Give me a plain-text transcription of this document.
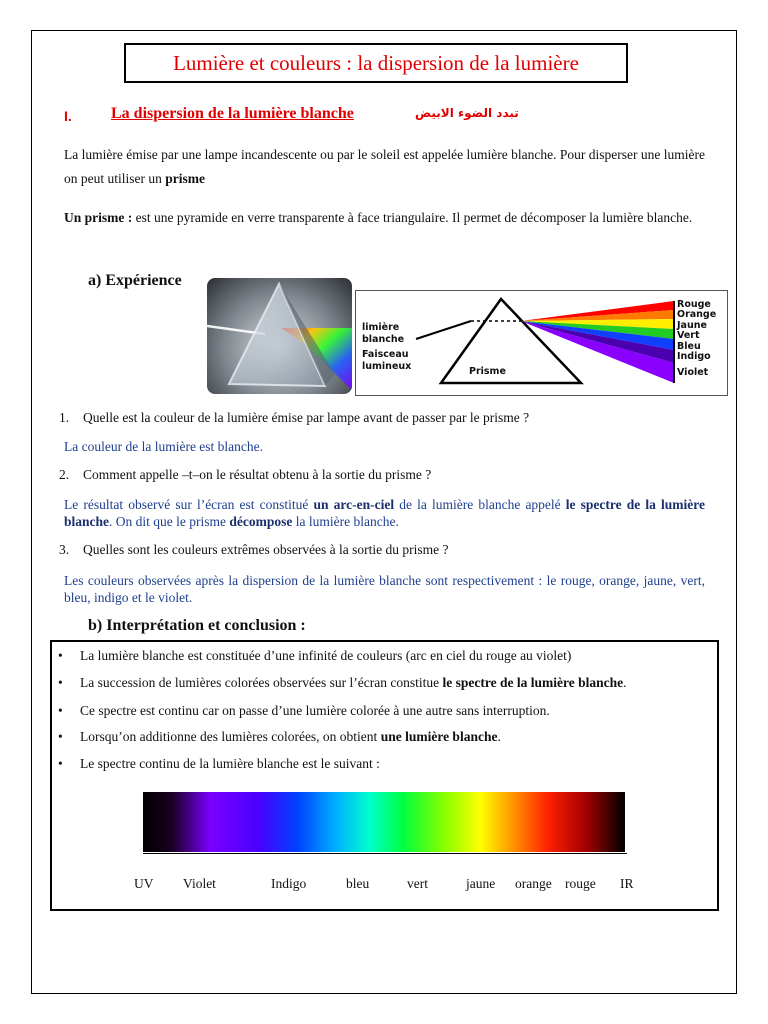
Lumière et couleurs : la dispersion de la lumière
I. La dispersion de la lumière blanche	تبدد الضوء الابيض
La lumière émise par une lampe incandescente ou par le soleil est appelée lumière blanche. Pour disperser une lumière on peut utiliser un prisme
Un prisme : est une pyramide en verre transparente à face triangulaire. Il permet de décomposer la lumière blanche.
a) Expérience
limière blanche
Faisceau lumineux	Prisme
Rouge
Orange
Jaune
Vert
Bleu
Indigo
Violet
1. Quelle est la couleur de la lumière émise par lampe avant de passer par le prisme ?
La couleur de la lumière est blanche.
2. Comment appelle –t–on le résultat obtenu à la sortie du prisme ?
Le résultat observé sur l’écran est constitué un arc-en-ciel de la lumière blanche appelé le spectre de la lumière blanche. On dit que le prisme décompose la lumière blanche.
3. Quelles sont les couleurs extrêmes observées à la sortie du prisme ?
Les couleurs observées après la dispersion de la lumière blanche sont respectivement : le rouge, orange, jaune, vert, bleu, indigo et le violet.
b) Interprétation et conclusion :
• La lumière blanche est constituée d’une infinité de couleurs (arc en ciel du rouge au violet)
• La succession de lumières colorées observées sur l’écran constitue le spectre de la lumière blanche.
• Ce spectre est continu car on passe d’une lumière colorée à une autre sans interruption.
• Lorsqu’on additionne des lumières colorées, on obtient une lumière blanche.
• Le spectre continu de la lumière blanche est le suivant :
UV Violet	Indigo	bleu	vert	jaune orange rouge IR
